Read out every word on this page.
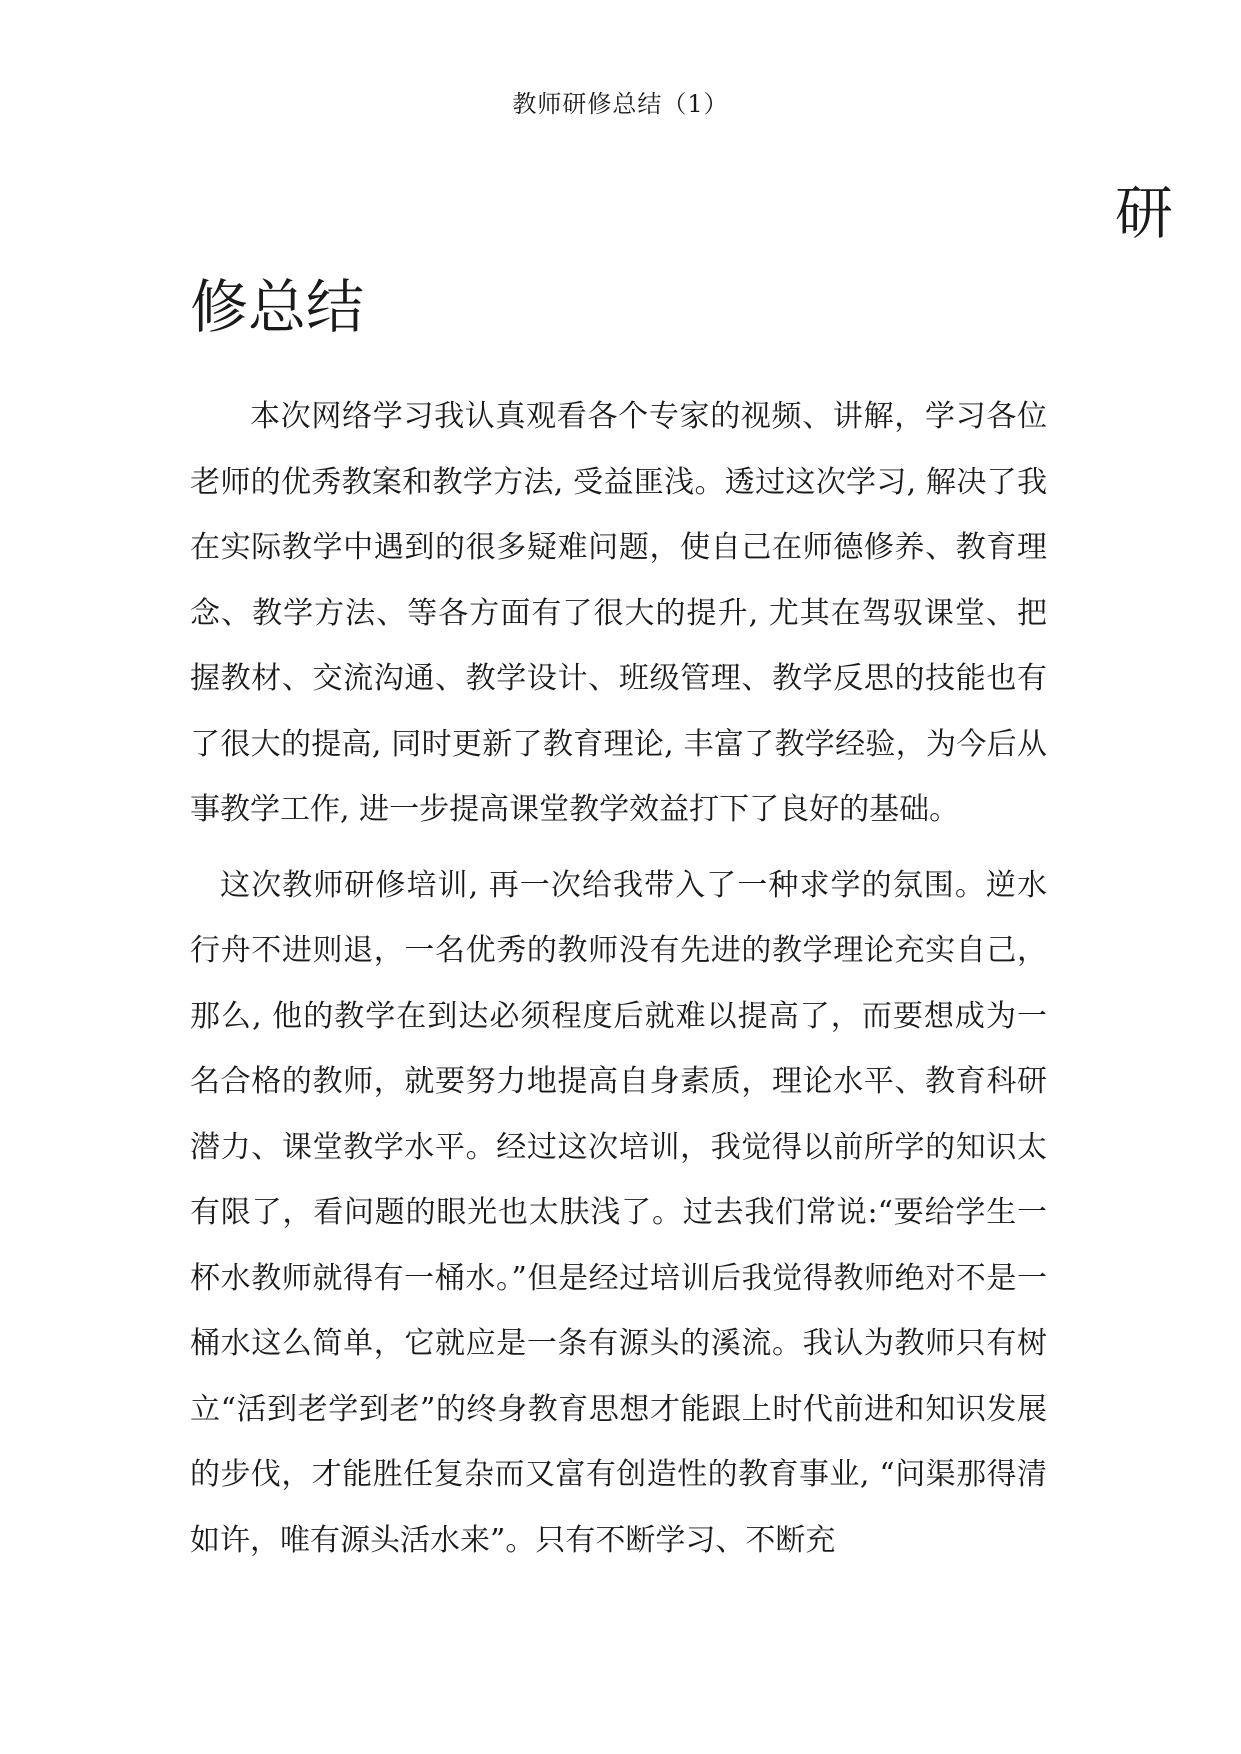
教师研修总结（1）
研
修总结

本次网络学习我认真观看各个专家的视频、讲解，学习各位老师的优秀教案和教学方法, 受益匪浅。透过这次学习, 解决了我在实际教学中遇到的很多疑难问题，使自己在师德修养、教育理念、教学方法、等各方面有了很大的提升, 尤其在驾驭课堂、把握教材、交流沟通、教学设计、班级管理、教学反思的技能也有了很大的提高, 同时更新了教育理论, 丰富了教学经验，为今后从事教学工作, 进一步提高课堂教学效益打下了良好的基础。

这次教师研修培训, 再一次给我带入了一种求学的氛围。逆水行舟不进则退，一名优秀的教师没有先进的教学理论充实自己，那么, 他的教学在到达必须程度后就难以提高了，而要想成为一名合格的教师，就要努力地提高自身素质，理论水平、教育科研潜力、课堂教学水平。经过这次培训，我觉得以前所学的知识太有限了，看问题的眼光也太肤浅了。过去我们常说:“要给学生一杯水教师就得有一桶水。”但是经过培训后我觉得教师绝对不是一桶水这么简单，它就应是一条有源头的溪流。我认为教师只有树立“活到老学到老”的终身教育思想才能跟上时代前进和知识发展的步伐，才能胜任复杂而又富有创造性的教育事业, “问渠那得清如许，唯有源头活水来”。只有不断学习、不断充
